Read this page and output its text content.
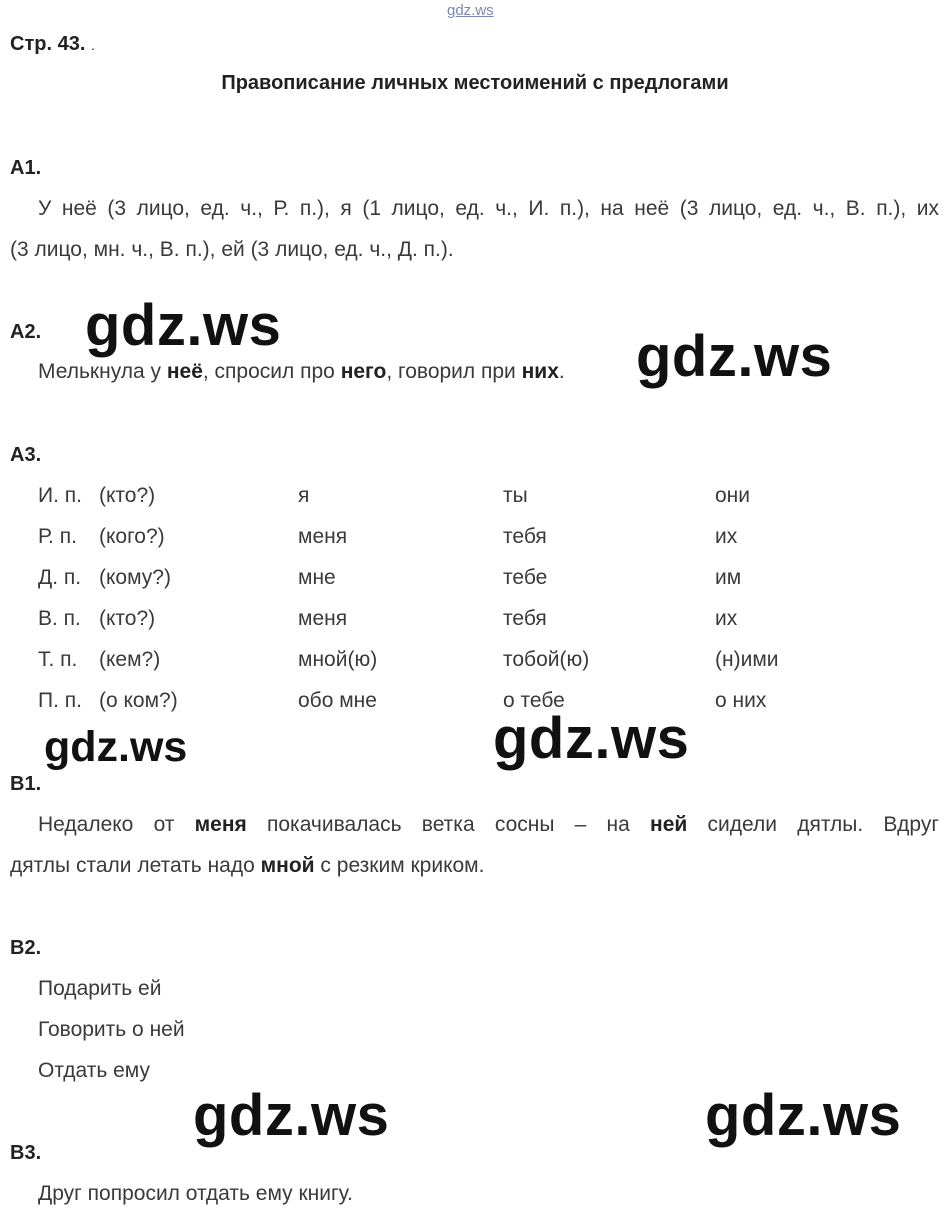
gdz.ws
Стр. 43. .
Правописание личных местоимений с предлогами
А1.
У неё (3 лицо, ед. ч., Р. п.), я (1 лицо, ед. ч., И. п.), на неё (3 лицо, ед. ч., В. п.), их
(3 лицо, мн. ч., В. п.), ей (3 лицо, ед. ч., Д. п.).
А2.
Мелькнула у неё, спросил про него, говорил при них.
А3.
И. п. (кто?)	я	ты	они
Р. п. (кого?)	меня	тебя	их
Д. п. (кому?)	мне	тебе	им
В. п. (кто?)	меня	тебя	их
Т. п. (кем?)	мной(ю)	тобой(ю)	(н)ими
П. п. (о ком?)	обо мне	о тебе	о них
В1.
Недалеко от меня покачивалась ветка сосны – на ней сидели дятлы. Вдруг
дятлы стали летать надо мной с резким криком.
В2.
Подарить ей
Говорить о ней
Отдать ему
В3.
Друг попросил отдать ему книгу.
gdz.ws	gdz.ws
gdz.ws	gdz.ws
gdz.ws	gdz.ws
